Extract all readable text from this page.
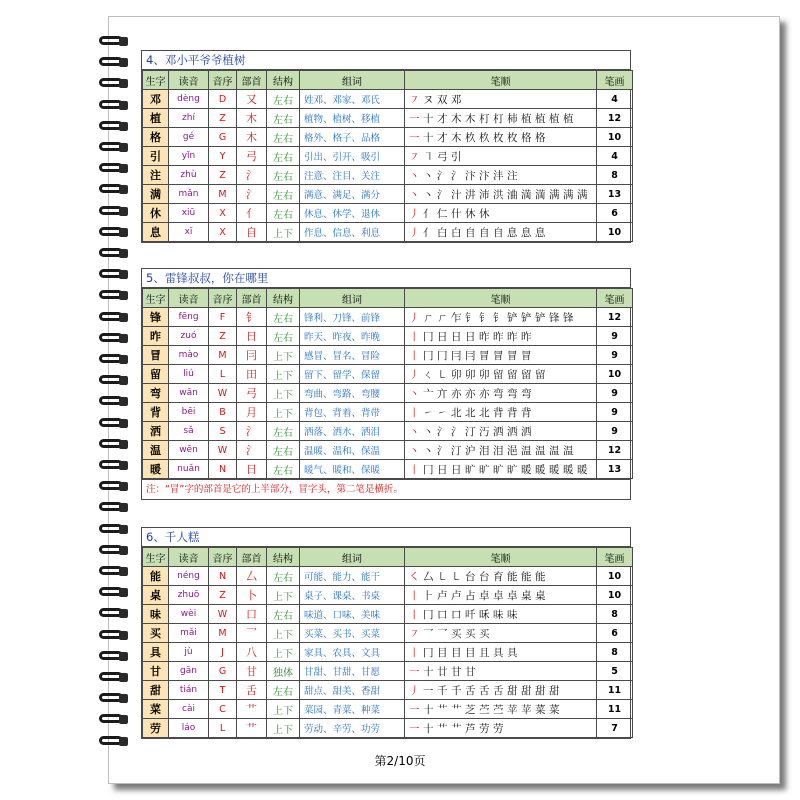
4、邓小平爷爷植树
生字	读音	音序	部首	结构	组词	笔顺	笔画
邓	dèng	D	又	左右	姓邓、邓家、邓氏	㇇ ヌ 双 邓	4
植	zhí	Z	木	左右	植物、植树、移植	一 十 才 木 木 朾 朾 杮 植 植 植 植	12
格	gé	G	木	左右	格外、格子、品格	一 十 才 木 杦 杦 枚 枚 格 格	10
引	yǐn	Y	弓	左右	引出、引开、吸引	㇇ ㇕ 弓 引	4
注	zhù	Z	氵	左右	注意、注目、关注	丶 丶 氵 氵 汴 汴 沣 注	8
满	mǎn	M	氵	左右	满意、满足、满分	丶 丶 氵 汁 汫 沛 洪 浀 満 満 满 满 满	13
休	xiū	X	亻	左右	休息、休学、退休	丿 亻 仁 什 休 休	6
息	xī	X	自	上下	作息、信息、利息	丿 亻 白 白 自 自 自 息 息 息	10
5、雷锋叔叔，你在哪里
生字	读音	音序	部首	结构	组词	笔顺	笔画
锋	fēng	F	钅	左右	锋利、刀锋、前锋	丿 ㄏ ㄏ 乍 钅 钅 钅 铲 铲 铲 锋 锋	12
昨	zuó	Z	日	左右	昨天、昨夜、昨晚	丨 冂 日 日 日 昨 昨 昨 昨	9
冒	mào	M	冃	上下	感冒、冒名、冒险	丨 冂 冂 冃 冃 冒 冒 冒 冒	9
留	liú	L	田	上下	留下、留学、保留	丿 ㄑ ㇄ 卯 卯 卯 留 留 留 留	10
弯	wān	W	弓	上下	弯曲、弯路、弯腰	丶 亠 亣 亦 亦 亦 弯 弯 弯	9
背	bēi	B	月	上下	背包、背着、背带	丨 ㇀ ㇀ 北 北 北 背 背 背	9
洒	sǎ	S	氵	左右	洒落、洒水、洒泪	丶 丶 氵 氵 汀 汅 洒 洒 洒	9
温	wēn	W	氵	左右	温暖、温和、保温	丶 丶 氵 汀 沪 泪 泪 浥 温 温 温 温	12
暖	nuǎn	N	日	左右	暖气、暖和、保暖	丨 冂 日 日 旷 旷 旷 旷 暖 暖 暖 暖 暖	13
注：“冒”字的部首是它的上半部分，冒字头，第二笔是横折。
6、千人糕
生字	读音	音序	部首	结构	组词	笔顺	笔画
能	néng	N	厶	左右	可能、能力、能干	㇛ 厶 ㇄ ㇄ 台 台 育 能 能 能	10
桌	zhuō	Z	卜	上下	桌子、课桌、书桌	丨 ⺊ 卢 卢 占 卓 卓 卓 桌 桌	10
味	wèi	W	口	左右	味道、口味、美味	丨 冂 口 口 吀 咊 味 味	8
买	mǎi	M	乛	上下	买菜、买书、买菜	㇇ 乛 乛 买 买 买	6
具	jù	J	八	上下	家具、农具、文具	丨 冂 目 目 目 且 具 具	8
甘	gān	G	甘	独体	甘甜、甘甜、甘愿	一 十 廿 甘 甘	5
甜	tián	T	舌	左右	甜点、甜美、香甜	丿 一 千 千 舌 舌 舌 甜 甜 甜 甜	11
菜	cài	C	艹	上下	菜园、青菜、种菜	一 十 艹 艹 芝 苎 苎 苹 苹 菜 菜	11
劳	láo	L	艹	上下	劳动、辛劳、功劳	一 十 艹 艹 芦 劳 劳	7
第2/10页
